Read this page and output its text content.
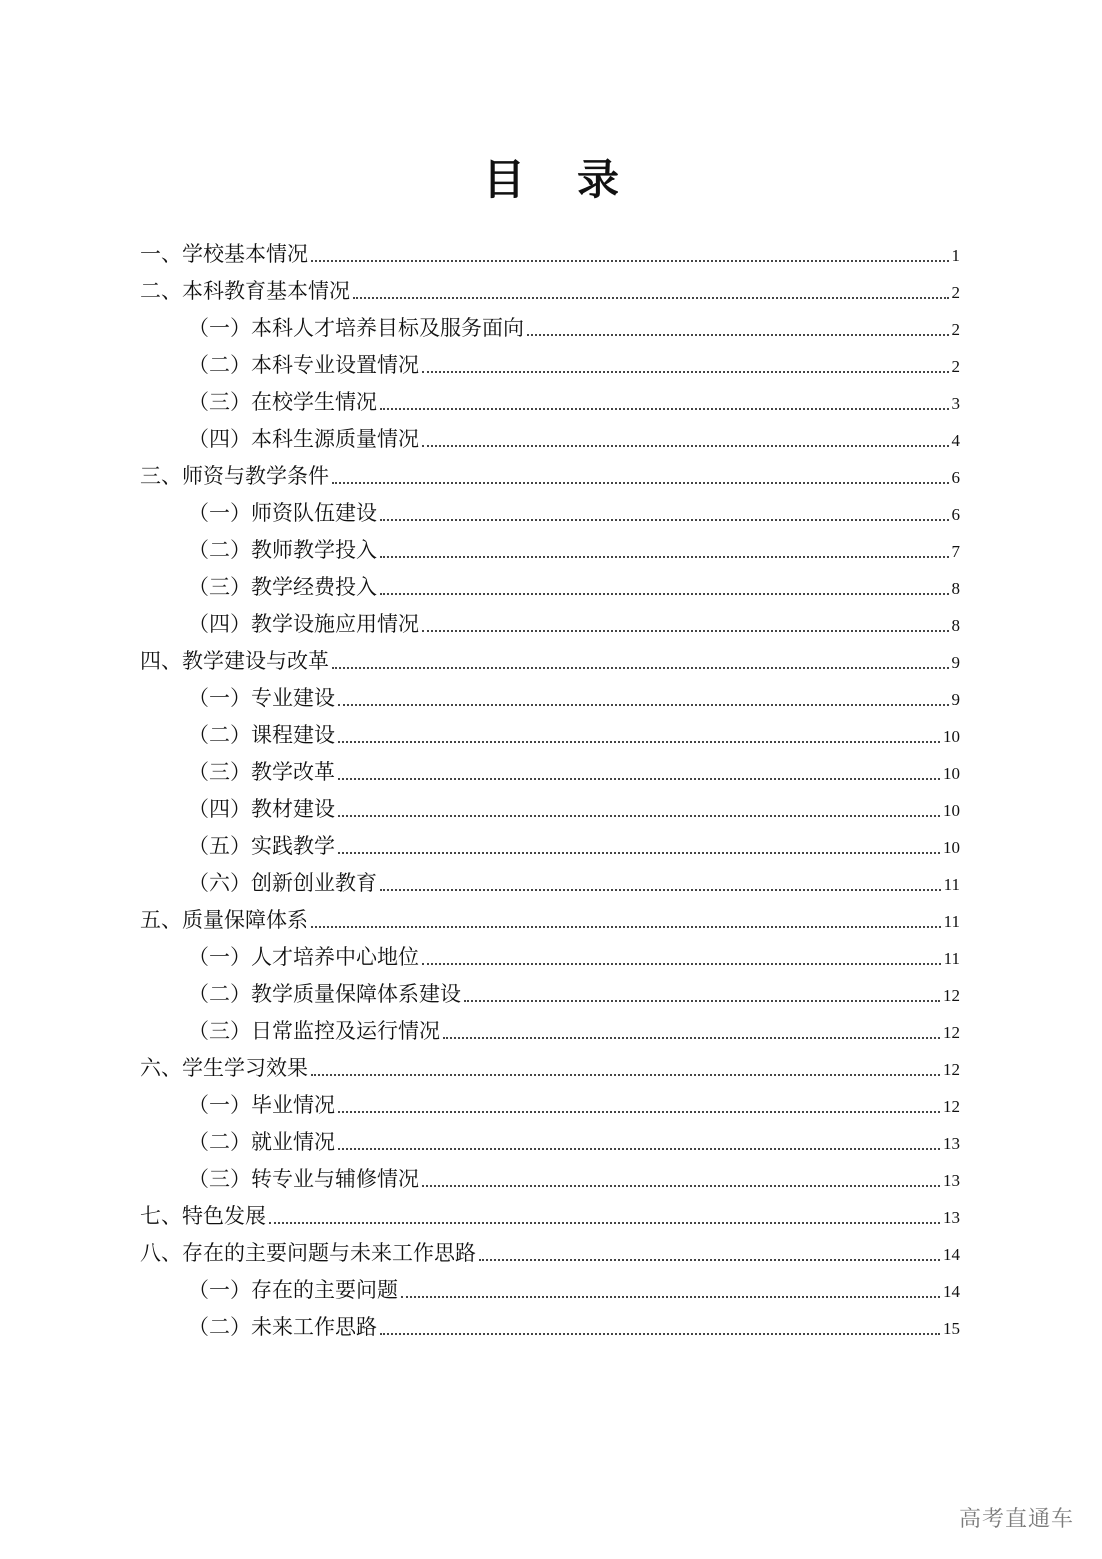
目 录
一、学校基本情况	1
二、本科教育基本情况	2
（一）本科人才培养目标及服务面向	2
（二）本科专业设置情况	2
（三）在校学生情况	3
（四）本科生源质量情况	4
三、师资与教学条件	6
（一）师资队伍建设	6
（二）教师教学投入	7
（三）教学经费投入	8
（四）教学设施应用情况	8
四、教学建设与改革	9
（一）专业建设	9
（二）课程建设	10
（三）教学改革	10
（四）教材建设	10
（五）实践教学	10
（六）创新创业教育	11
五、质量保障体系	11
（一）人才培养中心地位	11
（二）教学质量保障体系建设	12
（三）日常监控及运行情况	12
六、学生学习效果	12
（一）毕业情况	12
（二）就业情况	13
（三）转专业与辅修情况	13
七、特色发展	13
八、存在的主要问题与未来工作思路	14
（一）存在的主要问题	14
（二）未来工作思路	15
高考直通车
